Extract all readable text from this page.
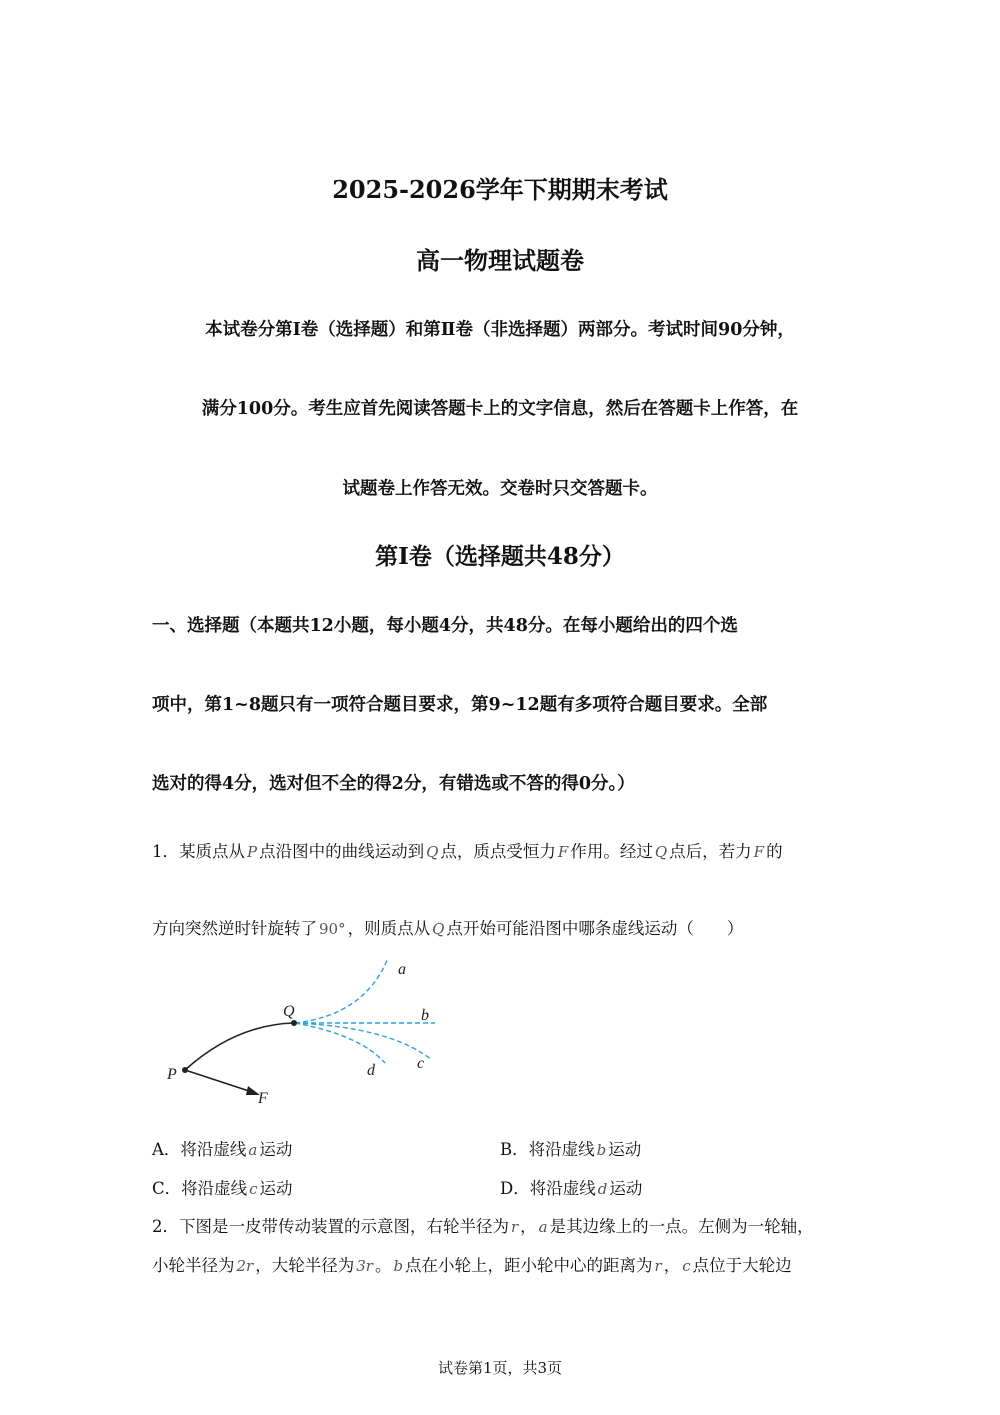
2025-2026学年下期期末考试
高一物理试题卷
本试卷分第Ⅰ卷（选择题）和第Ⅱ卷（非选择题）两部分。考试时间90分钟，
满分100分。考生应首先阅读答题卡上的文字信息，然后在答题卡上作答，在
试题卷上作答无效。交卷时只交答题卡。
第Ⅰ卷（选择题共48分）
一、选择题（本题共12小题，每小题4分，共48分。在每小题给出的四个选
项中，第1~8题只有一项符合题目要求，第9~12题有多项符合题目要求。全部
选对的得4分，选对但不全的得2分，有错选或不答的得0分。）
1．某质点从 P 点沿图中的曲线运动到 Q 点，质点受恒力 F 作用。经过 Q 点后，若力 F 的
方向突然逆时针旋转了 90° ，则质点从 Q 点开始可能沿图中哪条虚线运动（　　）
P
Q
F
a
b
c
d
A．将沿虚线 a 运动	B．将沿虚线 b 运动
C．将沿虚线 c 运动	D．将沿虚线 d 运动
2．下图是一皮带传动装置的示意图，右轮半径为 r ， a 是其边缘上的一点。左侧为一轮轴，
小轮半径为 2r ，大轮半径为 3r 。 b 点在小轮上，距小轮中心的距离为 r ， c 点位于大轮边
试卷第1页，共3页
